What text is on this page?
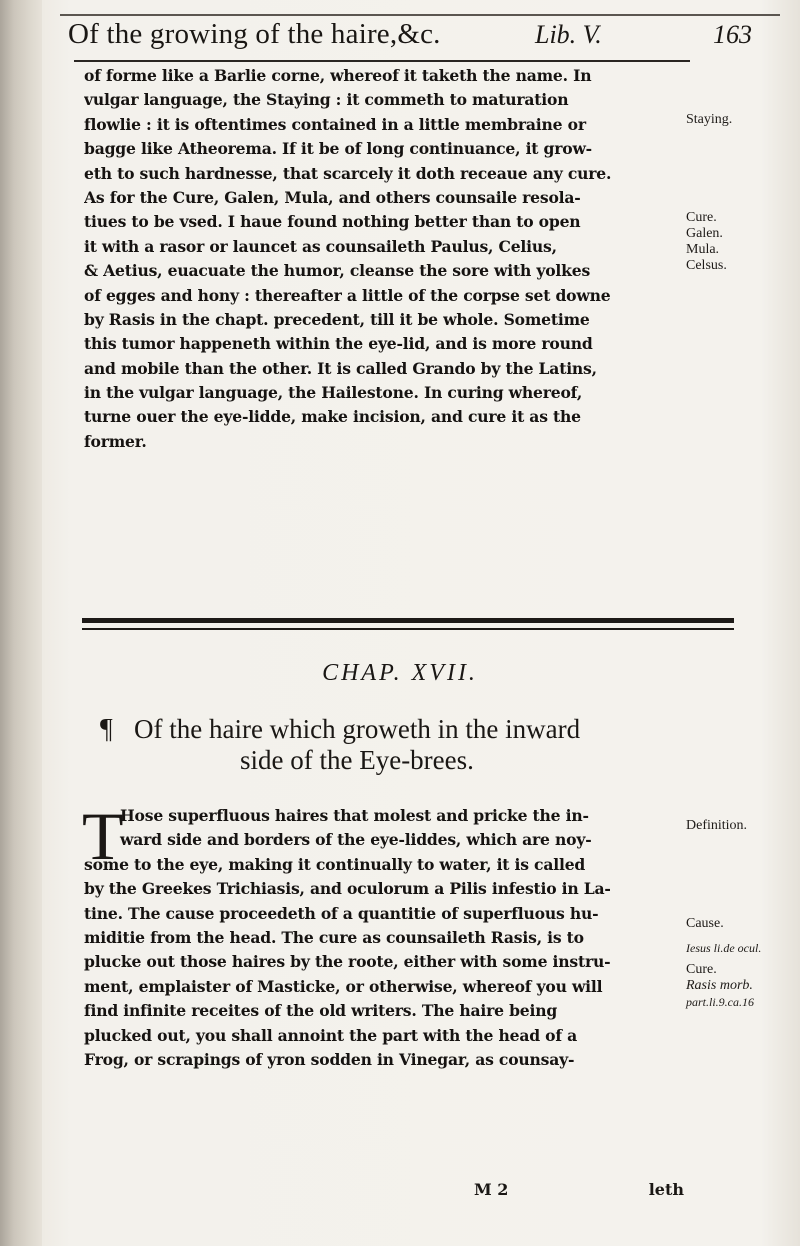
Of the growing of the haire,&c.	Lib. V.	163
of forme like a Barlie corne, whereof it taketh the name. In
vulgar language, the Staying : it commeth to maturation
flowlie : it is oftentimes contained in a little membraine or
bagge like Atheorema. If it be of long continuance, it grow-
eth to such hardnesse, that scarcely it doth receaue any cure.
As for the Cure, Galen, Mula, and others counsaile resola-
tiues to be vsed. I haue found nothing better than to open
it with a rasor or launcet as counsaileth Paulus, Celius,
& Aetius, euacuate the humor, cleanse the sore with yolkes
of egges and hony : thereafter a little of the corpse set downe
by Rasis in the chapt. precedent, till it be whole. Sometime
this tumor happeneth within the eye-lid, and is more round
and mobile than the other. It is called Grando by the Latins,
in the vulgar language, the Hailestone. In curing whereof,
turne ouer the eye-lidde, make incision, and cure it as the
former.
Staying.
Cure.
Galen.
Mula.
Celsus.
CHAP. XVII.
¶ Of the haire which groweth in the inward
side of the Eye-brees.
T
Hose superfluous haires that molest and pricke the in-
ward side and borders of the eye-liddes, which are noy-
some to the eye, making it continually to water, it is called
by the Greekes Trichiasis, and oculorum a Pilis infestio in La-
tine. The cause proceedeth of a quantitie of superfluous hu-
miditie from the head. The cure as counsaileth Rasis, is to
plucke out those haires by the roote, either with some instru-
ment, emplaister of Masticke, or otherwise, whereof you will
find infinite receites of the old writers. The haire being
plucked out, you shall annoint the part with the head of a
Frog, or scrapings of yron sodden in Vinegar, as counsay-
Definition.
Cause.
Iesus li.de ocul.
Cure.
Rasis morb.
part.li.9.ca.16
M 2	leth
